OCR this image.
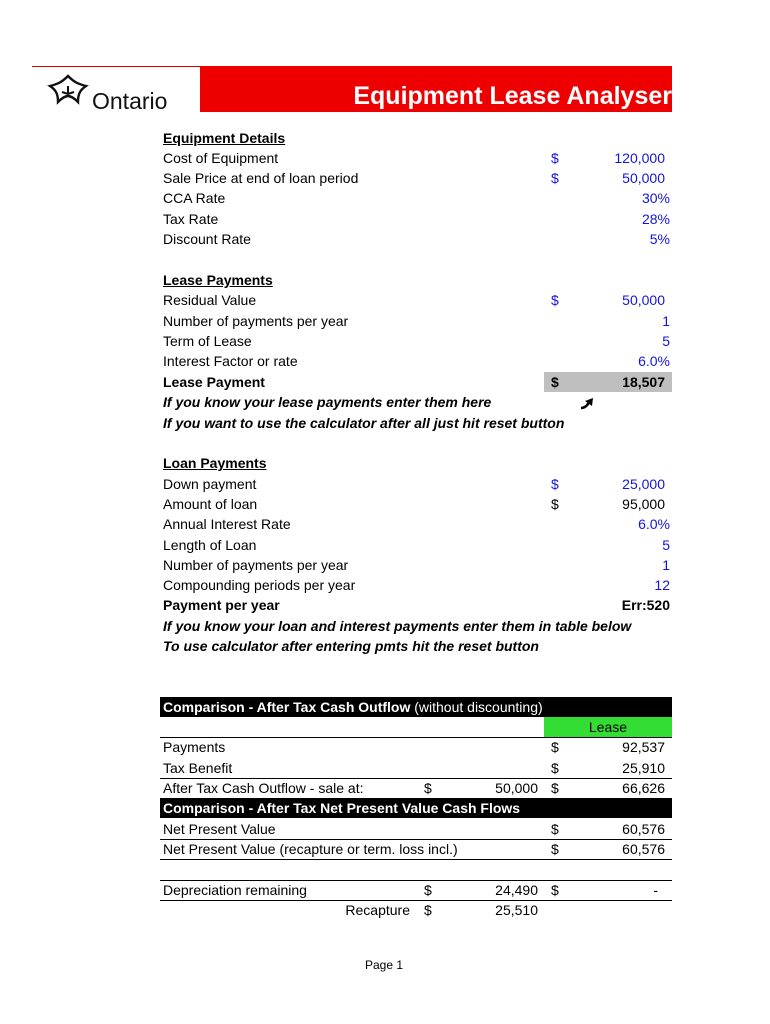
Ontario	Equipment Lease Analyser
Equipment Details
Cost of Equipment	$	120,000
Sale Price at end of loan period	$	50,000
CCA Rate	30%
Tax Rate	28%
Discount Rate	5%
Lease Payments
Residual Value	$	50,000
Number of payments per year	1
Term of Lease	5
Interest Factor or rate	6.0%
Lease Payment	$	18,507
If you know your lease payments enter them here
If you want to use the calculator after all just hit reset button
Loan Payments
Down payment	$	25,000
Amount of loan	$	95,000
Annual Interest Rate	6.0%
Length of Loan	5
Number of payments per year	1
Compounding periods per year	12
Payment per year	Err:520
If you know your loan and interest payments enter them in table below
To use calculator after entering pmts hit the reset button
Comparison - After Tax Cash Outflow (without discounting)
Lease
Payments	$	92,537
Tax Benefit	$	25,910
After Tax Cash Outflow - sale at:	$	50,000 $	66,626
Comparison - After Tax Net Present Value Cash Flows
Net Present Value	$	60,576
Net Present Value (recapture or term. loss incl.)	$	60,576
Depreciation remaining	$	24,490 $	-
Recapture $	25,510
Page 1
